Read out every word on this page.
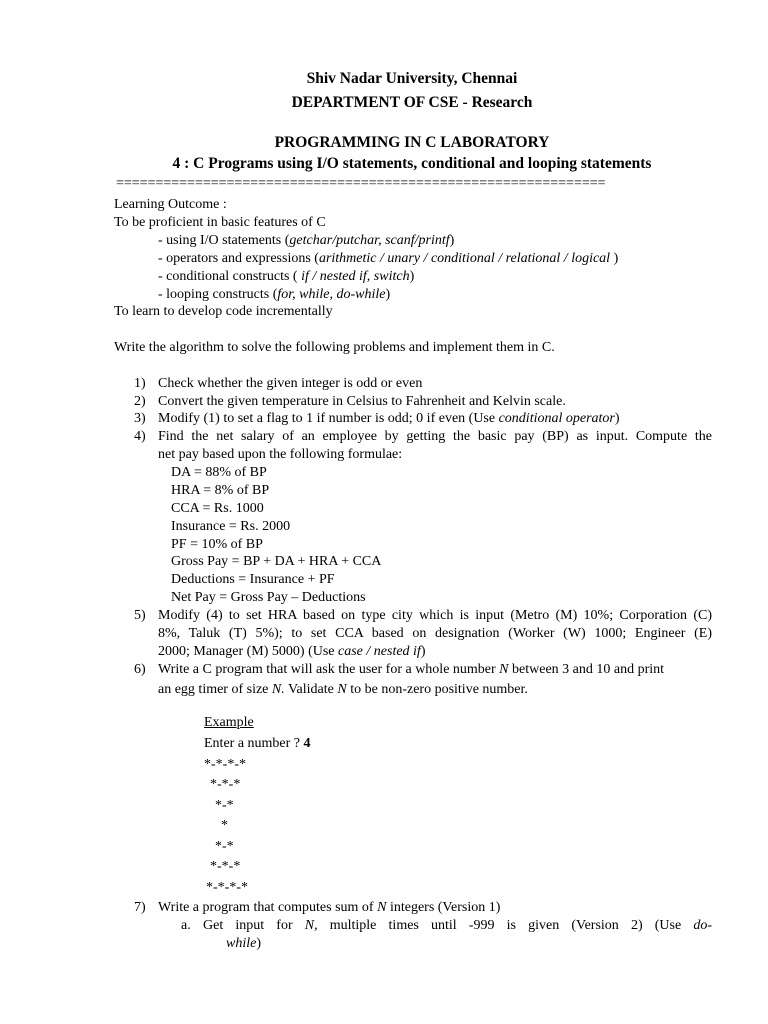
Shiv Nadar University, Chennai
DEPARTMENT OF CSE - Research
PROGRAMMING IN C LABORATORY
4 : C Programs using I/O statements, conditional and looping statements
==============================================================
Learning Outcome :
To be proficient in basic features of C
- using I/O statements (getchar/putchar, scanf/printf)
- operators and expressions (arithmetic / unary / conditional / relational / logical )
- conditional constructs ( if / nested if, switch)
- looping constructs (for, while, do-while)
To learn to develop code incrementally
Write the algorithm to solve the following problems and implement them in C.
1) Check whether the given integer is odd or even
2) Convert the given temperature in Celsius to Fahrenheit and Kelvin scale.
3) Modify (1) to set a flag to 1 if number is odd; 0 if even (Use conditional operator)
4) Find the net salary of an employee by getting the basic pay (BP) as input. Compute the
net pay based upon the following formulae:
DA = 88% of BP
HRA = 8% of BP
CCA = Rs. 1000
Insurance = Rs. 2000
PF = 10% of BP
Gross Pay = BP + DA + HRA + CCA
Deductions = Insurance + PF
Net Pay = Gross Pay – Deductions
5) Modify (4) to set HRA based on type city which is input (Metro (M) 10%; Corporation (C)
8%, Taluk (T) 5%); to set CCA based on designation (Worker (W) 1000; Engineer (E)
2000; Manager (M) 5000) (Use case / nested if)
6) Write a C program that will ask the user for a whole number N between 3 and 10 and print
an egg timer of size N. Validate N to be non-zero positive number.
Example
Enter a number ? 4
*-*-*-*
*-*-*
*-*
*
*-*
*-*-*
*-*-*-*
7) Write a program that computes sum of N integers (Version 1)
a. Get input for N, multiple times until -999 is given (Version 2) (Use do-
while)
